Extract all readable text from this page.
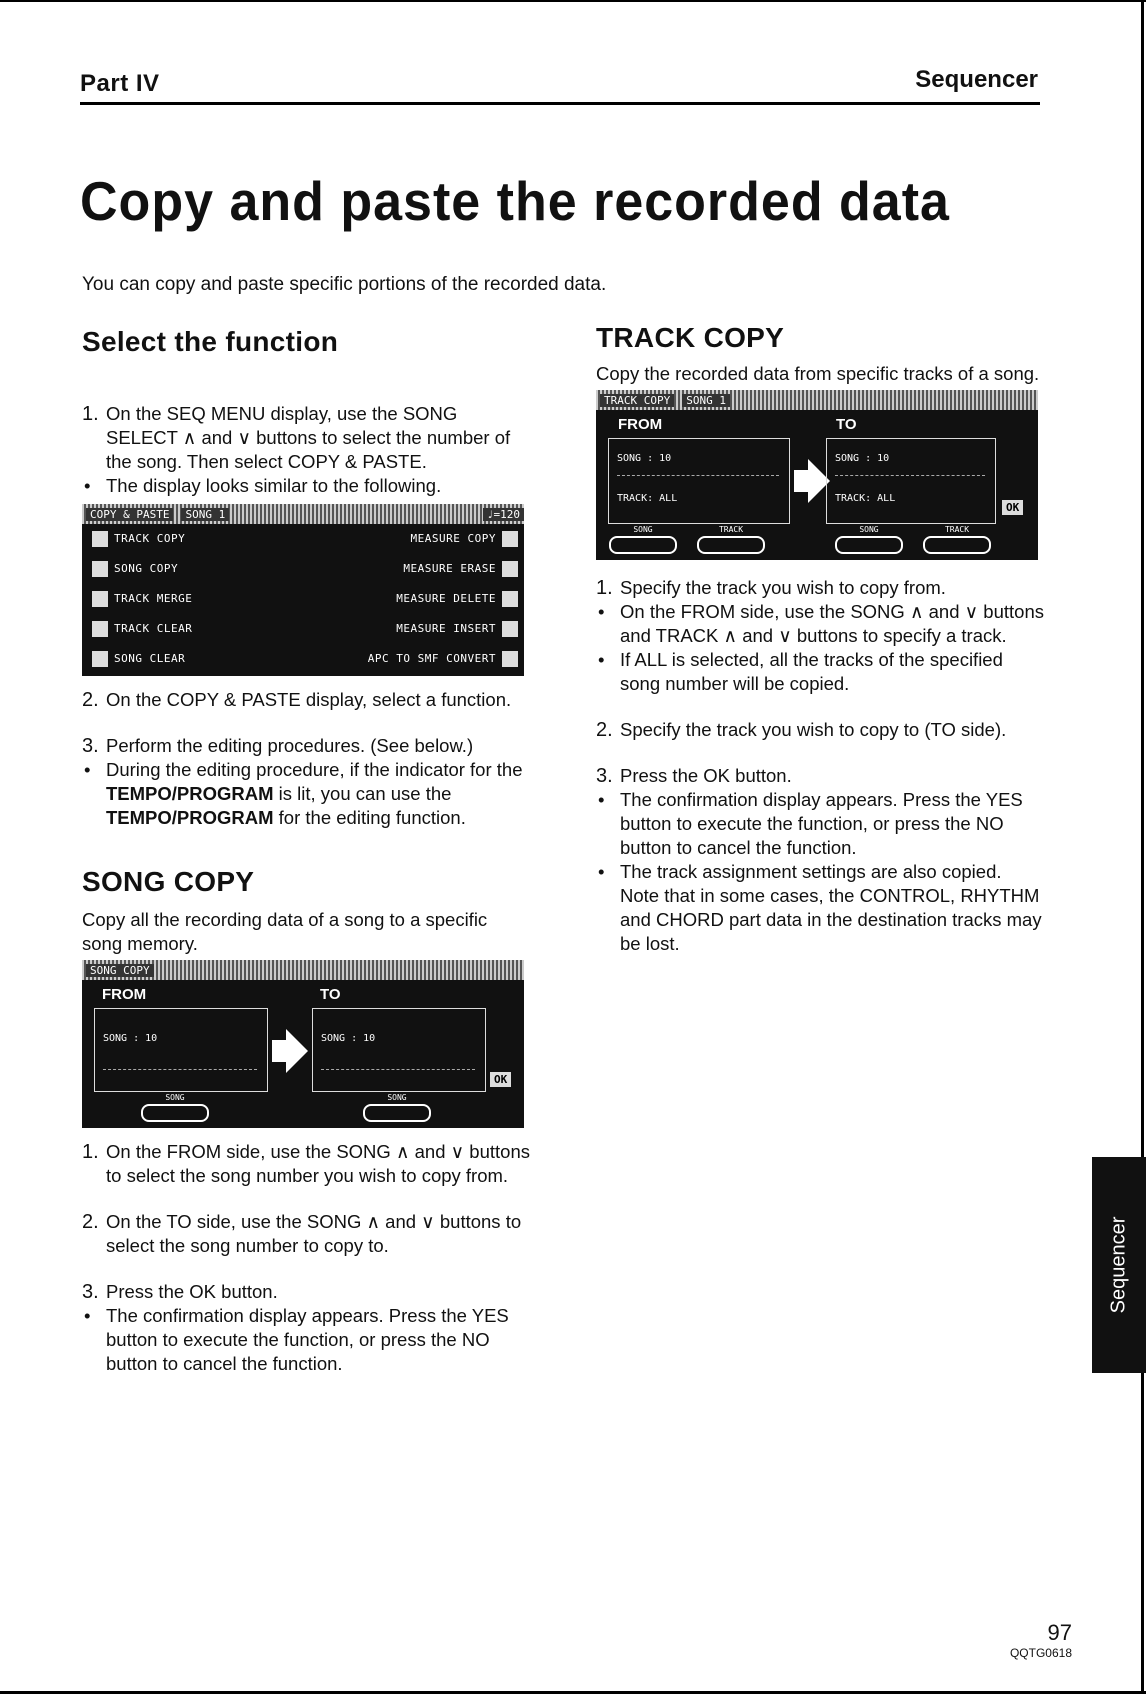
Part IV	Sequencer
Copy and paste the recorded data
You can copy and paste specific portions of the recorded data.
Select the function
1. On the SEQ MENU display, use the SONG SELECT ∧ and ∨ buttons to select the number of the song. Then select COPY & PASTE.
• The display looks similar to the following.
COPY & PASTE	SONG 1	♩=120
TRACK COPY	MEASURE COPY
SONG COPY	MEASURE ERASE
TRACK MERGE	MEASURE DELETE
TRACK CLEAR	MEASURE INSERT
SONG CLEAR	APC TO SMF CONVERT
2. On the COPY & PASTE display, select a function.
3. Perform the editing procedures. (See below.)
• During the editing procedure, if the indicator for the TEMPO/PROGRAM is lit, you can use the TEMPO/PROGRAM for the editing function.
SONG COPY

Copy all the recording data of a song to a specific song memory.

SONG COPY
FROM	TO
SONG : 10	SONG : 10
OK
SONG	SONG
1. On the FROM side, use the SONG ∧ and ∨ buttons to select the song number you wish to copy from.
2. On the TO side, use the SONG ∧ and ∨ buttons to select the song number to copy to.
3. Press the OK button.
• The confirmation display appears. Press the YES button to execute the function, or press the NO button to cancel the function.
TRACK COPY

Copy the recorded data from specific tracks of a song.

TRACK COPY	SONG 1
FROM	TO
SONG : 10
TRACK: ALL
SONG : 10
TRACK: ALL
OK
SONG	TRACK	SONG	TRACK
1. Specify the track you wish to copy from.
• On the FROM side, use the SONG ∧ and ∨ buttons and TRACK ∧ and ∨ buttons to specify a track.
• If ALL is selected, all the tracks of the specified song number will be copied.
2. Specify the track you wish to copy to (TO side).
3. Press the OK button.
• The confirmation display appears. Press the YES button to execute the function, or press the NO button to cancel the function.
• The track assignment settings are also copied. Note that in some cases, the CONTROL, RHYTHM and CHORD part data in the destination tracks may be lost.
Sequencer
97
QQTG0618
